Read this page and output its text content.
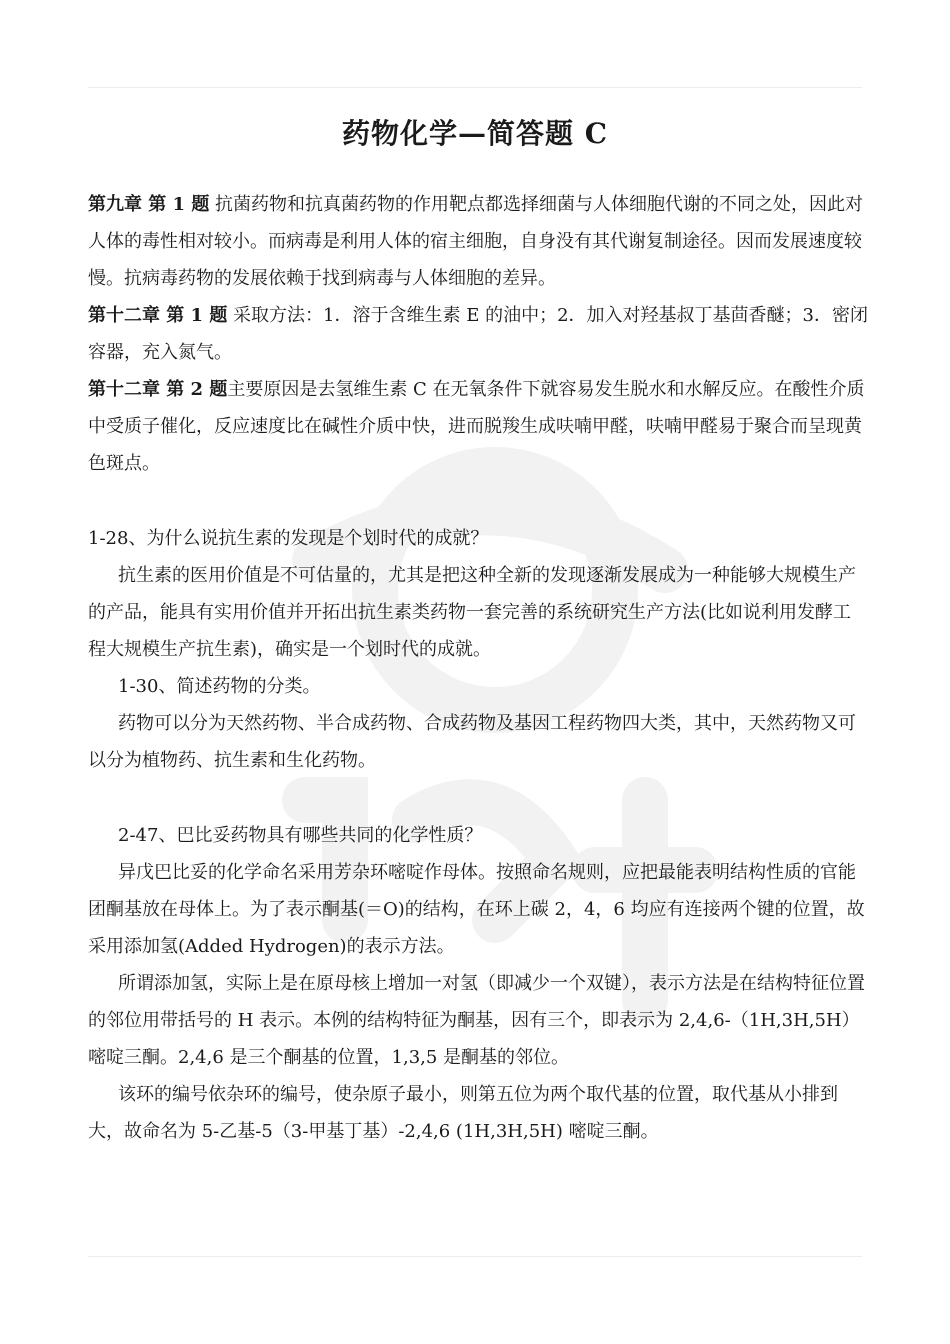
药物化学—简答题 C

第九章 第 1 题 抗菌药物和抗真菌药物的作用靶点都选择细菌与人体细胞代谢的不同之处，因此对人体的毒性相对较小。而病毒是利用人体的宿主细胞，自身没有其代谢复制途径。因而发展速度较慢。抗病毒药物的发展依赖于找到病毒与人体细胞的差异。

第十二章 第 1 题 采取方法：1．溶于含维生素 E 的油中；2．加入对羟基叔丁基茴香醚；3．密闭容器，充入氮气。

第十二章 第 2 题主要原因是去氢维生素 C 在无氧条件下就容易发生脱水和水解反应。在酸性介质中受质子催化，反应速度比在碱性介质中快，进而脱羧生成呋喃甲醛，呋喃甲醛易于聚合而呈现黄色斑点。

1-28、为什么说抗生素的发现是个划时代的成就？

抗生素的医用价值是不可估量的，尤其是把这种全新的发现逐渐发展成为一种能够大规模生产的产品，能具有实用价值并开拓出抗生素类药物一套完善的系统研究生产方法(比如说利用发酵工程大规模生产抗生素)，确实是一个划时代的成就。

1-30、简述药物的分类。

药物可以分为天然药物、半合成药物、合成药物及基因工程药物四大类，其中，天然药物又可以分为植物药、抗生素和生化药物。

2-47、巴比妥药物具有哪些共同的化学性质？

异戊巴比妥的化学命名采用芳杂环嘧啶作母体。按照命名规则，应把最能表明结构性质的官能团酮基放在母体上。为了表示酮基(＝O)的结构，在环上碳 2，4，6 均应有连接两个键的位置，故采用添加氢(Added Hydrogen)的表示方法。

所谓添加氢，实际上是在原母核上增加一对氢（即减少一个双键），表示方法是在结构特征位置的邻位用带括号的 H 表示。本例的结构特征为酮基，因有三个，即表示为 2,4,6-（1H,3H,5H）嘧啶三酮。2,4,6 是三个酮基的位置，1,3,5 是酮基的邻位。

该环的编号依杂环的编号，使杂原子最小，则第五位为两个取代基的位置，取代基从小排到大，故命名为 5-乙基-5（3-甲基丁基）-2,4,6 (1H,3H,5H) 嘧啶三酮。
